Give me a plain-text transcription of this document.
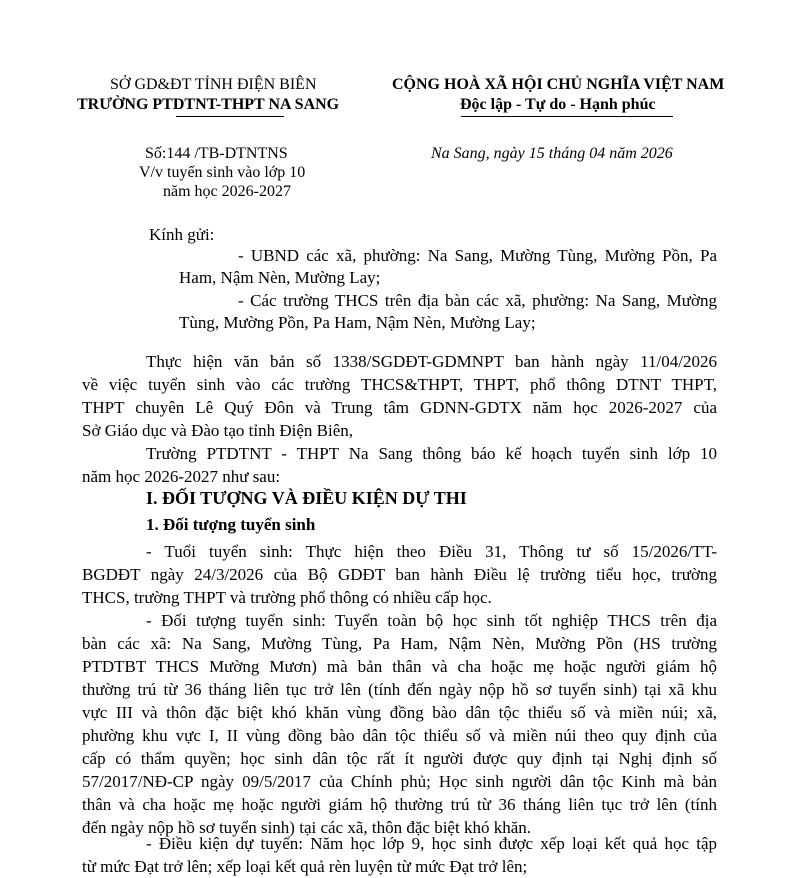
SỞ GD&ĐT TỈNH ĐIỆN BIÊN
TRƯỜNG PTDTNT-THPT NA SANG
CỘNG HOÀ XÃ HỘI CHỦ NGHĨA VIỆT NAM
Độc lập - Tự do - Hạnh phúc
Số:144 /TB-DTNTNS
V/v tuyển sinh vào lớp 10
năm học 2026-2027
Na Sang, ngày 15 tháng 04 năm 2026
Kính gửi:
- UBND các xã, phường: Na Sang, Mường Tùng, Mường Pồn, Pa
Ham, Nậm Nèn, Mường Lay;
- Các trường THCS trên địa bàn các xã, phường: Na Sang, Mường
Tùng, Mường Pồn, Pa Ham, Nậm Nèn, Mường Lay;
Thực hiện văn bản số 1338/SGDĐT-GDMNPT ban hành ngày 11/04/2026
về việc tuyển sinh vào các trường THCS&THPT, THPT, phổ thông DTNT THPT,
THPT chuyên Lê Quý Đôn và Trung tâm GDNN-GDTX năm học 2026-2027 của
Sở Giáo dục và Đào tạo tỉnh Điện Biên,
Trường PTDTNT - THPT Na Sang thông báo kế hoạch tuyển sinh lớp 10
năm học 2026-2027 như sau:
I. ĐỐI TƯỢNG VÀ ĐIỀU KIỆN DỰ THI
1. Đối tượng tuyển sinh
- Tuổi tuyển sinh: Thực hiện theo Điều 31, Thông tư số 15/2026/TT-
BGDĐT ngày 24/3/2026 của Bộ GDĐT ban hành Điều lệ trường tiểu học, trường
THCS, trường THPT và trường phổ thông có nhiều cấp học.
- Đối tượng tuyển sinh: Tuyển toàn bộ học sinh tốt nghiệp THCS trên địa
bàn các xã: Na Sang, Mường Tùng, Pa Ham, Nậm Nèn, Mường Pồn (HS trường
PTDTBT THCS Mường Mươn) mà bản thân và cha hoặc mẹ hoặc người giám hộ
thường trú từ 36 tháng liên tục trở lên (tính đến ngày nộp hồ sơ tuyển sinh) tại xã khu
vực III và thôn đặc biệt khó khăn vùng đồng bào dân tộc thiểu số và miền núi; xã,
phường khu vực I, II vùng đồng bào dân tộc thiểu số và miền núi theo quy định của
cấp có thẩm quyền; học sinh dân tộc rất ít người được quy định tại Nghị định số
57/2017/NĐ-CP ngày 09/5/2017 của Chính phủ; Học sinh người dân tộc Kinh mà bản
thân và cha hoặc mẹ hoặc người giám hộ thường trú từ 36 tháng liên tục trở lên (tính
đến ngày nộp hồ sơ tuyển sinh) tại các xã, thôn đặc biệt khó khăn.
- Điều kiện dự tuyển: Năm học lớp 9, học sinh được xếp loại kết quả học tập
từ mức Đạt trở lên; xếp loại kết quả rèn luyện từ mức Đạt trở lên;
